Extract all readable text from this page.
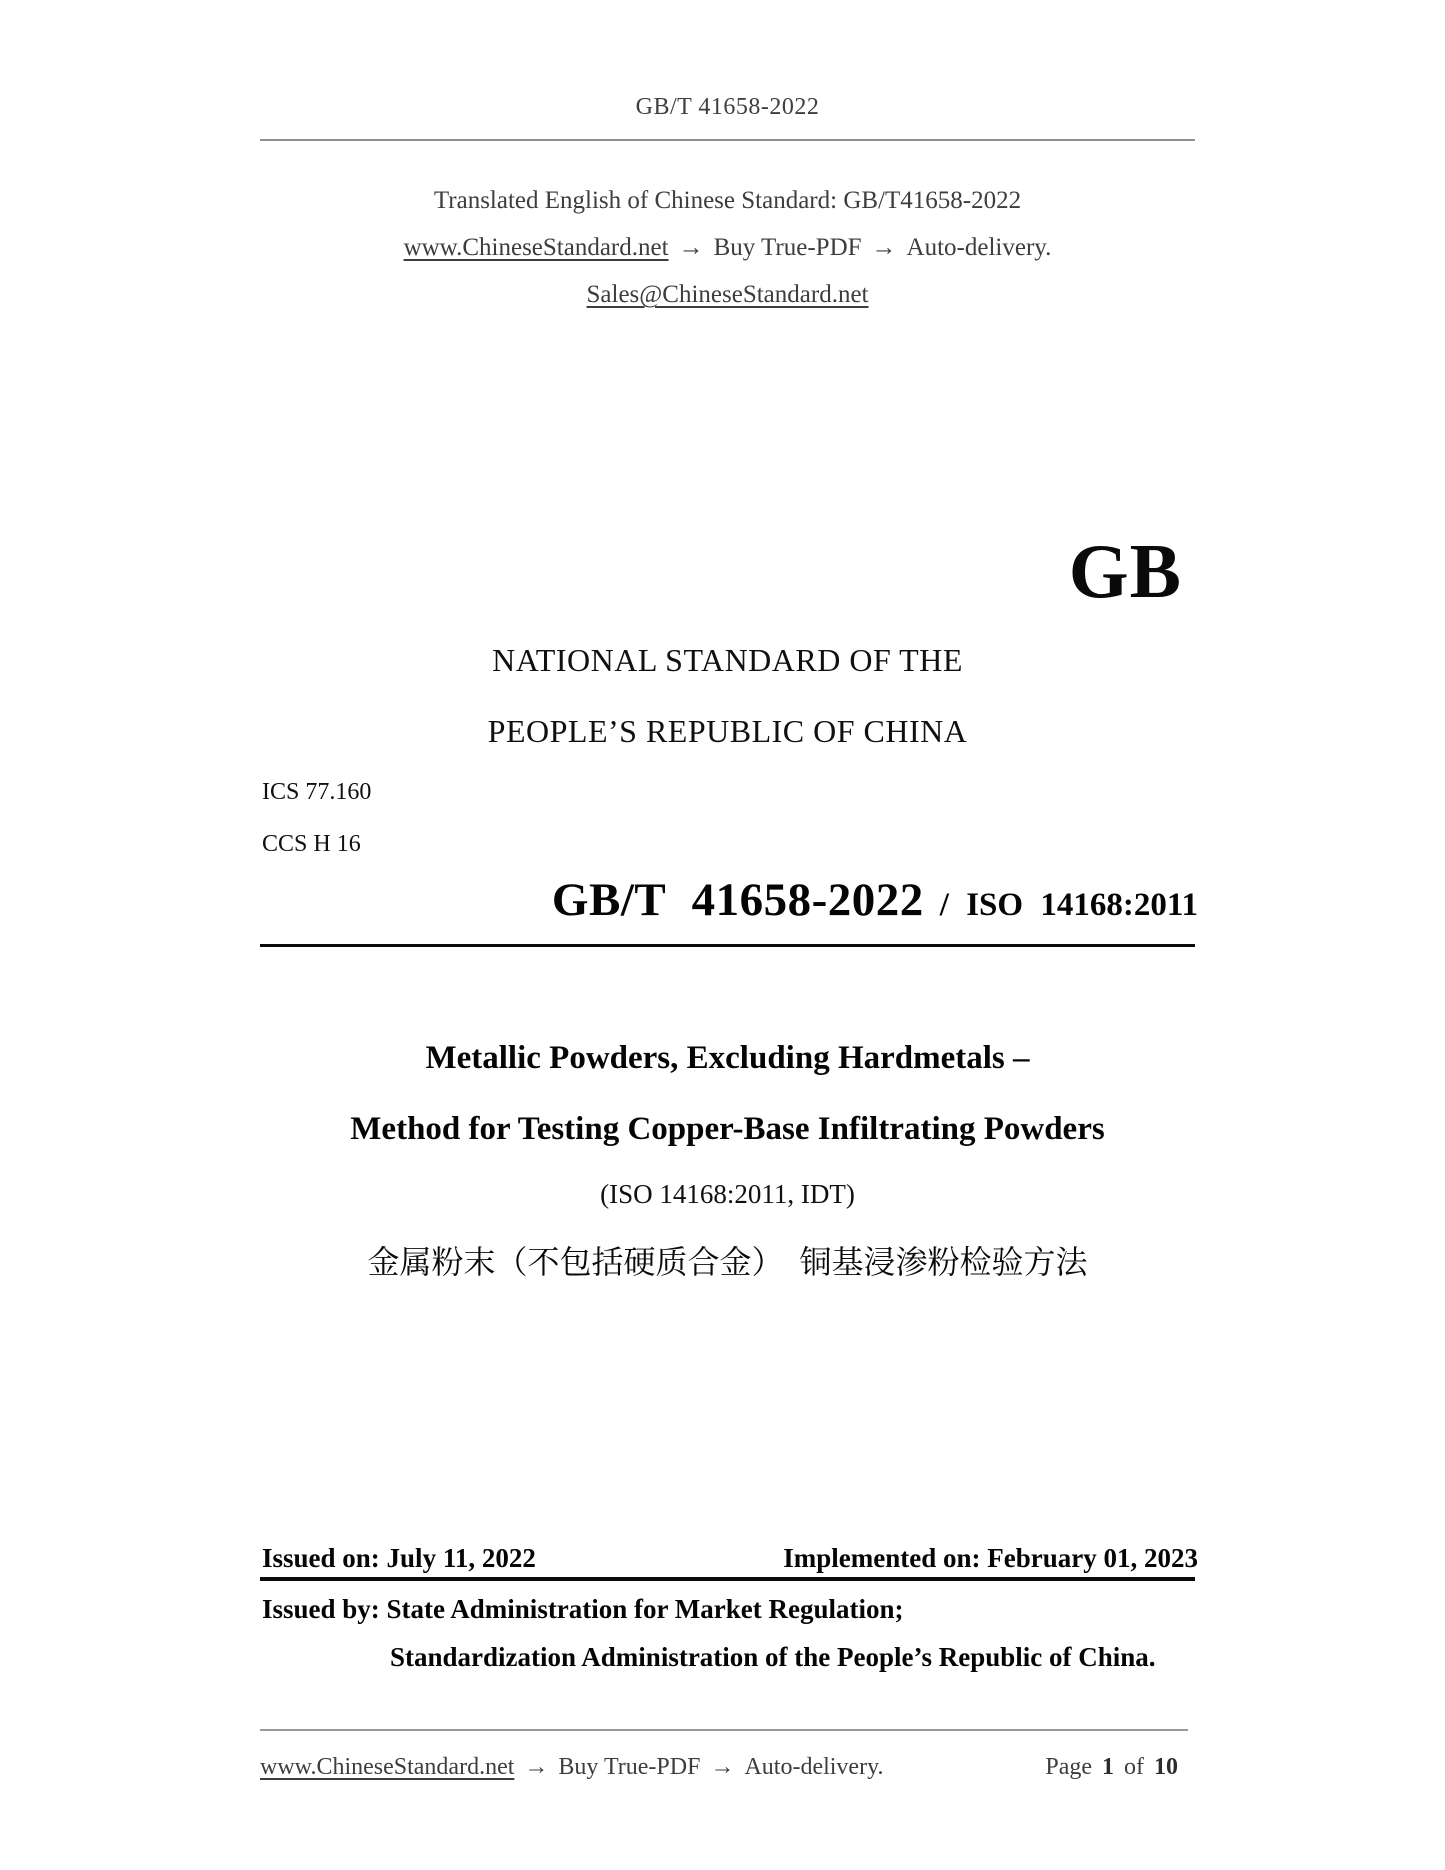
GB/T 41658-2022
Translated English of Chinese Standard: GB/T41658-2022
www.ChineseStandard.net → Buy True-PDF → Auto-delivery.
Sales@ChineseStandard.net
GB
NATIONAL STANDARD OF THE
PEOPLE’S REPUBLIC OF CHINA
ICS 77.160
CCS H 16
GB/T 41658-2022 / ISO 14168:2011
Metallic Powders, Excluding Hardmetals –
Method for Testing Copper-Base Infiltrating Powders
(ISO 14168:2011, IDT)
金属粉末（不包括硬质合金）　铜基浸渗粉检验方法
Issued on: July 11, 2022	Implemented on: February 01, 2023
Issued by: State Administration for Market Regulation;
Standardization Administration of the People’s Republic of China.
www.ChineseStandard.net → Buy True-PDF → Auto-delivery.	Page 1 of 10
